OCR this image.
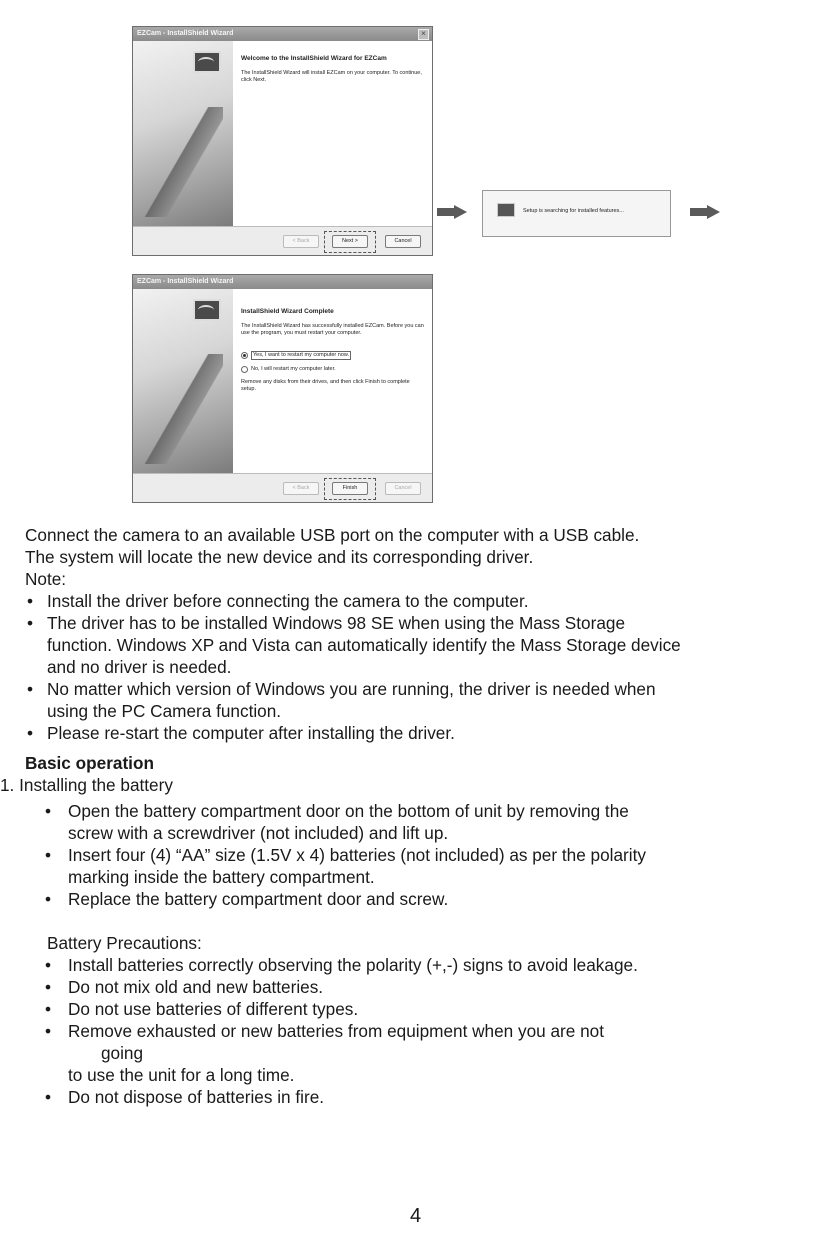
EZCam - InstallShield Wizard	×
Welcome to the InstallShield Wizard for EZCam

The InstallShield Wizard will install EZCam on your computer. To continue, click Next.

< Back	Next >	Cancel
Setup is searching for installed features...
EZCam - InstallShield Wizard
InstallShield Wizard Complete

The InstallShield Wizard has successfully installed EZCam. Before you can use the program, you must restart your computer.

Yes, I want to restart my computer now.
No, I will restart my computer later.

Remove any disks from their drives, and then click Finish to complete setup.

< Back	Finish	Cancel

Connect the camera to an available USB port on the computer with a USB cable.

The system will locate the new device and its corresponding driver.

Note:

• Install the driver before connecting the camera to the computer.

• The driver has to be installed Windows 98 SE when using the Mass Storage

function. Windows XP and Vista can automatically identify the Mass Storage device

and no driver is needed.

• No matter which version of Windows you are running, the driver is needed when

using the PC Camera function.

• Please re-start the computer after installing the driver.

Basic operation

1. Installing the battery

• Open the battery compartment door on the bottom of unit by removing the

screw with a screwdriver (not included) and lift up.

• Insert four (4) “AA” size (1.5V x 4) batteries (not included) as per the polarity

marking inside the battery compartment.

• Replace the battery compartment door and screw.

Battery Precautions:

• Install batteries correctly observing the polarity (+,-) signs to avoid leakage.

• Do not mix old and new batteries.

• Do not use batteries of different types.

• Remove exhausted or new batteries from equipment when you are not

going

to use the unit for a long time.

• Do not dispose of batteries in fire.

4
